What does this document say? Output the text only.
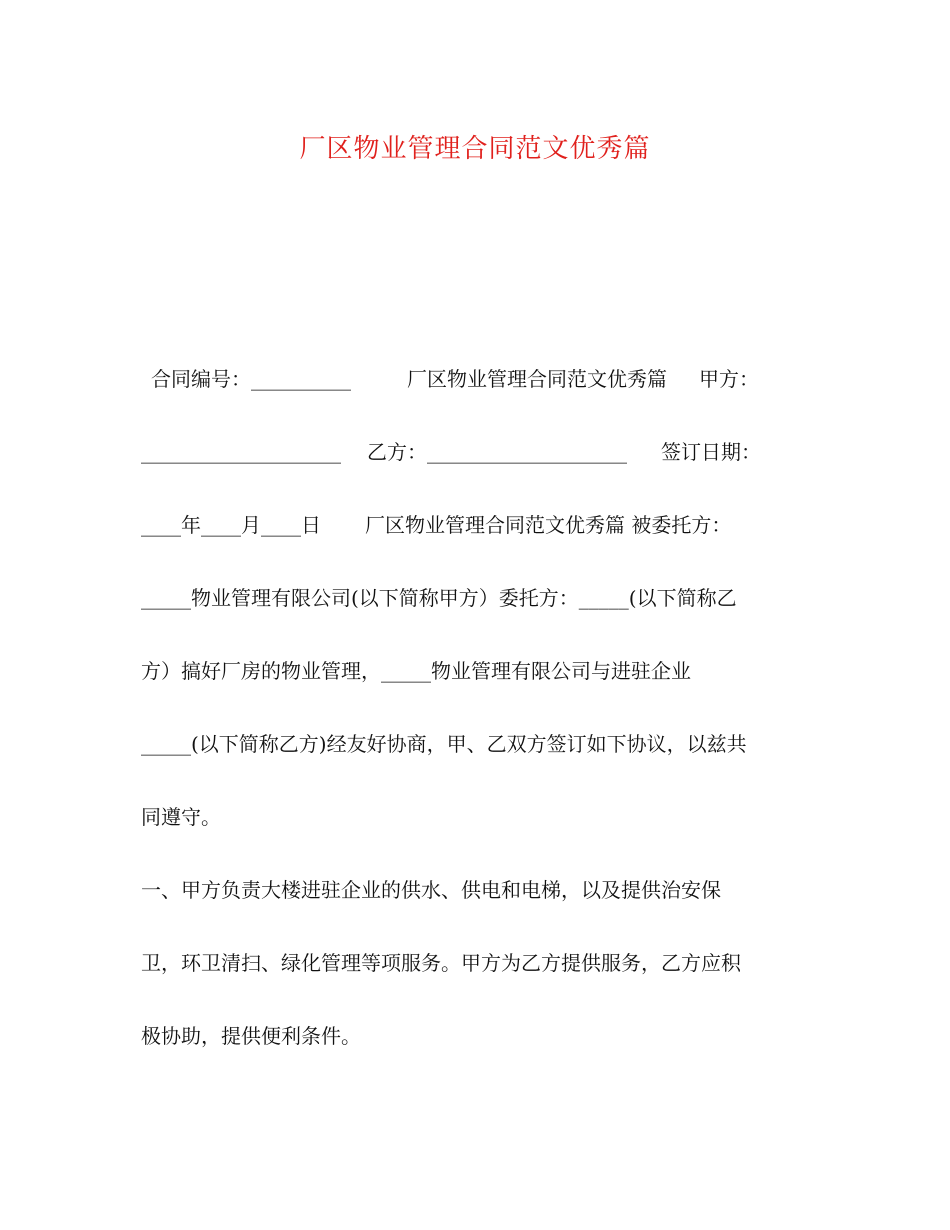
厂区物业管理合同范文优秀篇
合同编号：__________	厂区物业管理合同范文优秀篇 甲方：
____________________ 乙方：____________________ 签订日期：
____年____月____日 厂区物业管理合同范文优秀篇 被委托方：
_____物业管理有限公司(以下简称甲方）委托方：_____(以下简称乙
方）搞好厂房的物业管理，_____物业管理有限公司与进驻企业
_____(以下简称乙方)经友好协商，甲、乙双方签订如下协议，以兹共
同遵守。
一、甲方负责大楼进驻企业的供水、供电和电梯，以及提供治安保
卫，环卫清扫、绿化管理等项服务。甲方为乙方提供服务，乙方应积
极协助，提供便利条件。
